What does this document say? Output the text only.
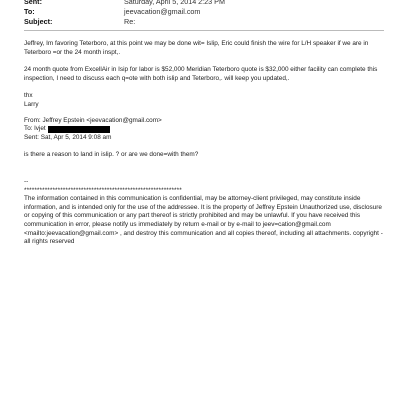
Sent:	Saturday, April 5, 2014 2:23 PM
To:	jeevacation@gmail.com
Subject:	Re:

Jeffrey, Im favoring Teterboro, at this point we may be done wit= Islip, Eric could finish the wire for L/H speaker if we are in Teterboro =or the 24 month inspt,.

24 month quote from ExcellAir in Isip for labor is $52,000 Meridian Teterboro quote is $32,000 either facility can complete this inspection, I need to discuss each q=ote with both islip and Teterboro,. will keep you updated,.

thx

Larry

From: Jeffrey Epstein <jeevacation@gmail.com>

To: lvjet

Sent: Sat, Apr 5, 2014 9:08 am

is there a reason to land in islip. ? or are we done=with them?

--

*************************************************************

The information contained in this communication is confidential, may be attorney-client privileged, may constitute inside information, and is intended only for the use of the addressee. It is the property of Jeffrey Epstein Unauthorized use, disclosure or copying of this communication or any part thereof is strictly prohibited and may be unlawful. If you have received this communication in error, please notify us immediately by return e-mail or by e-mail to jeev=cation@gmail.com <mailto:jeevacation@gmail.com> , and destroy this communication and all copies thereof, including all attachments. copyright -all rights reserved
